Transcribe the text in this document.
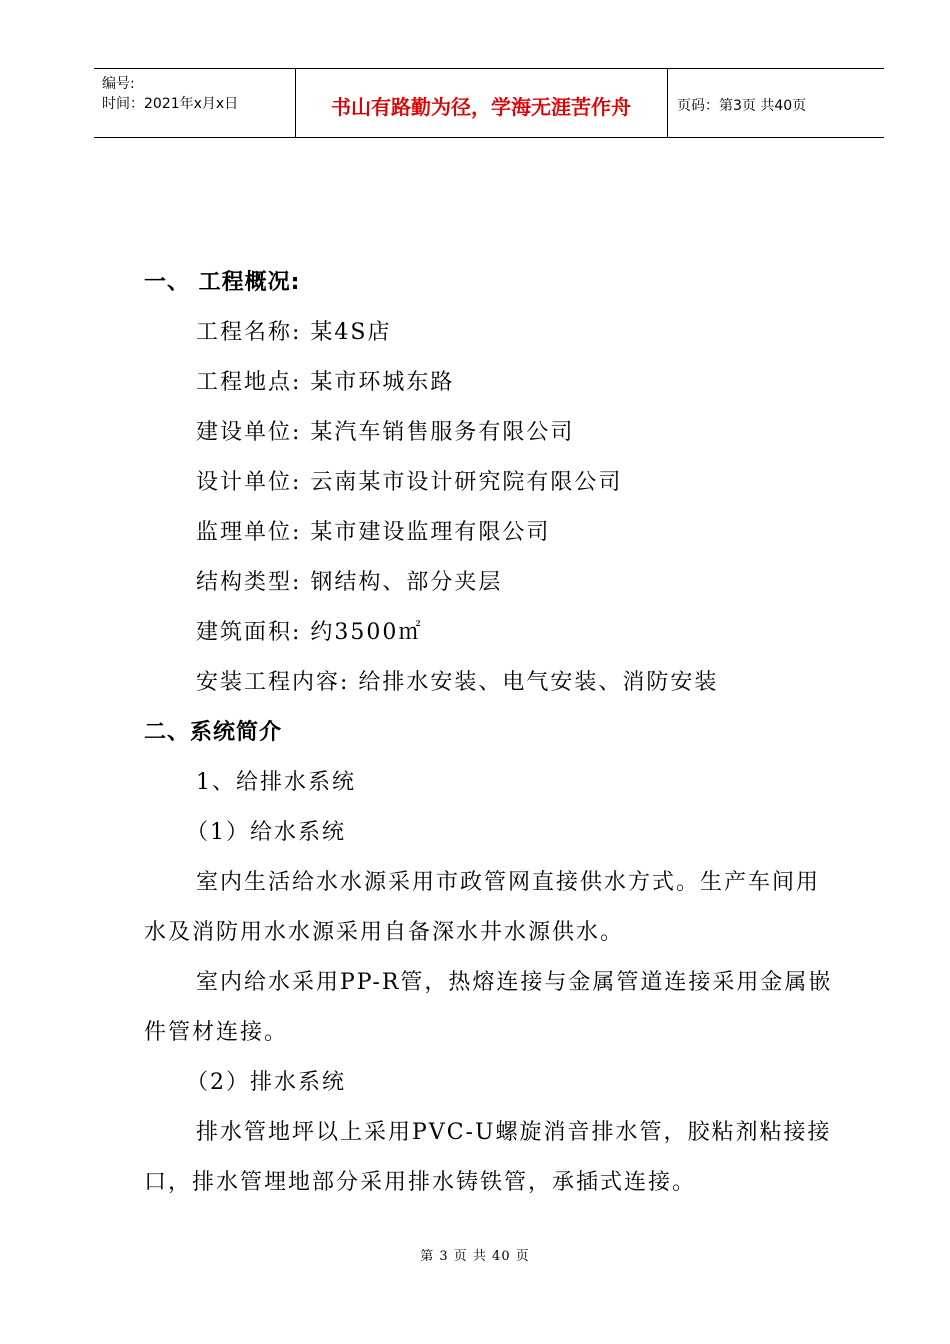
编号:
时间：2021年x月x日	书山有路勤为径，学海无涯苦作舟	页码：第3页 共40页
一、 工程概况:
工程名称: 某4S店
工程地点: 某市环城东路
建设单位: 某汽车销售服务有限公司
设计单位: 云南某市设计研究院有限公司
监理单位: 某市建设监理有限公司
结构类型: 钢结构、部分夹层
建筑面积: 约3500㎡
安装工程内容: 给排水安装、电气安装、消防安装
二、系统简介
1、给排水系统
（1）给水系统
室内生活给水水源采用市政管网直接供水方式。生产车间用
水及消防用水水源采用自备深水井水源供水。
室内给水采用PP-R管，热熔连接与金属管道连接采用金属嵌
件管材连接。
（2）排水系统
排水管地坪以上采用PVC-U螺旋消音排水管，胶粘剂粘接接
口，排水管埋地部分采用排水铸铁管，承插式连接。
第 3 页 共 40 页
